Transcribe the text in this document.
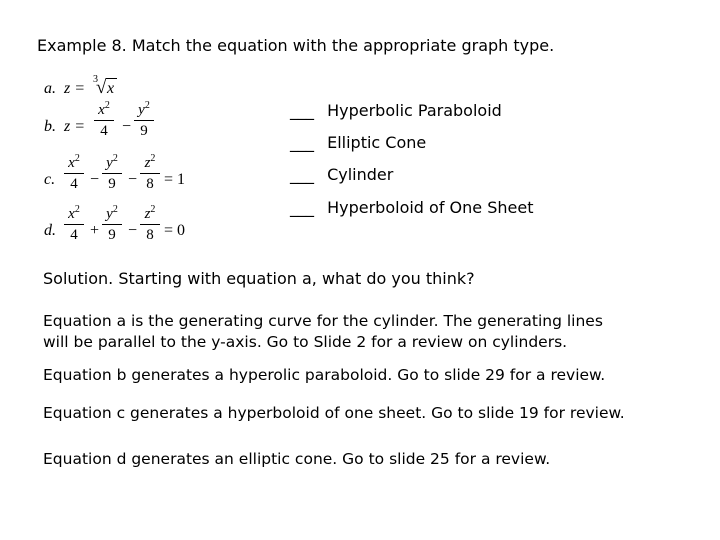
Example 8. Match the equation with the appropriate graph type.
a. z =
3
√ x
b. z =
$x^2$
4 −
$y^2$
9
c.
$x^2$
4 −
$y^2$
9 −
$z^2$
8 = 1
d.
$x^2$
4 +
$y^2$
9 −
$z^2$
8 = 0
___ Hyperbolic Paraboloid
___ Elliptic Cone
___ Cylinder
___ Hyperboloid of One Sheet
Solution. Starting with equation a, what do you think?
Equation a is the generating curve for the cylinder. The generating lines
will be parallel to the y-axis. Go to Slide 2 for a review on cylinders.
Equation b generates a hyperolic paraboloid. Go to slide 29 for a review.
Equation c generates a hyperboloid of one sheet. Go to slide 19 for review.
Equation d generates an elliptic cone. Go to slide 25 for a review.
